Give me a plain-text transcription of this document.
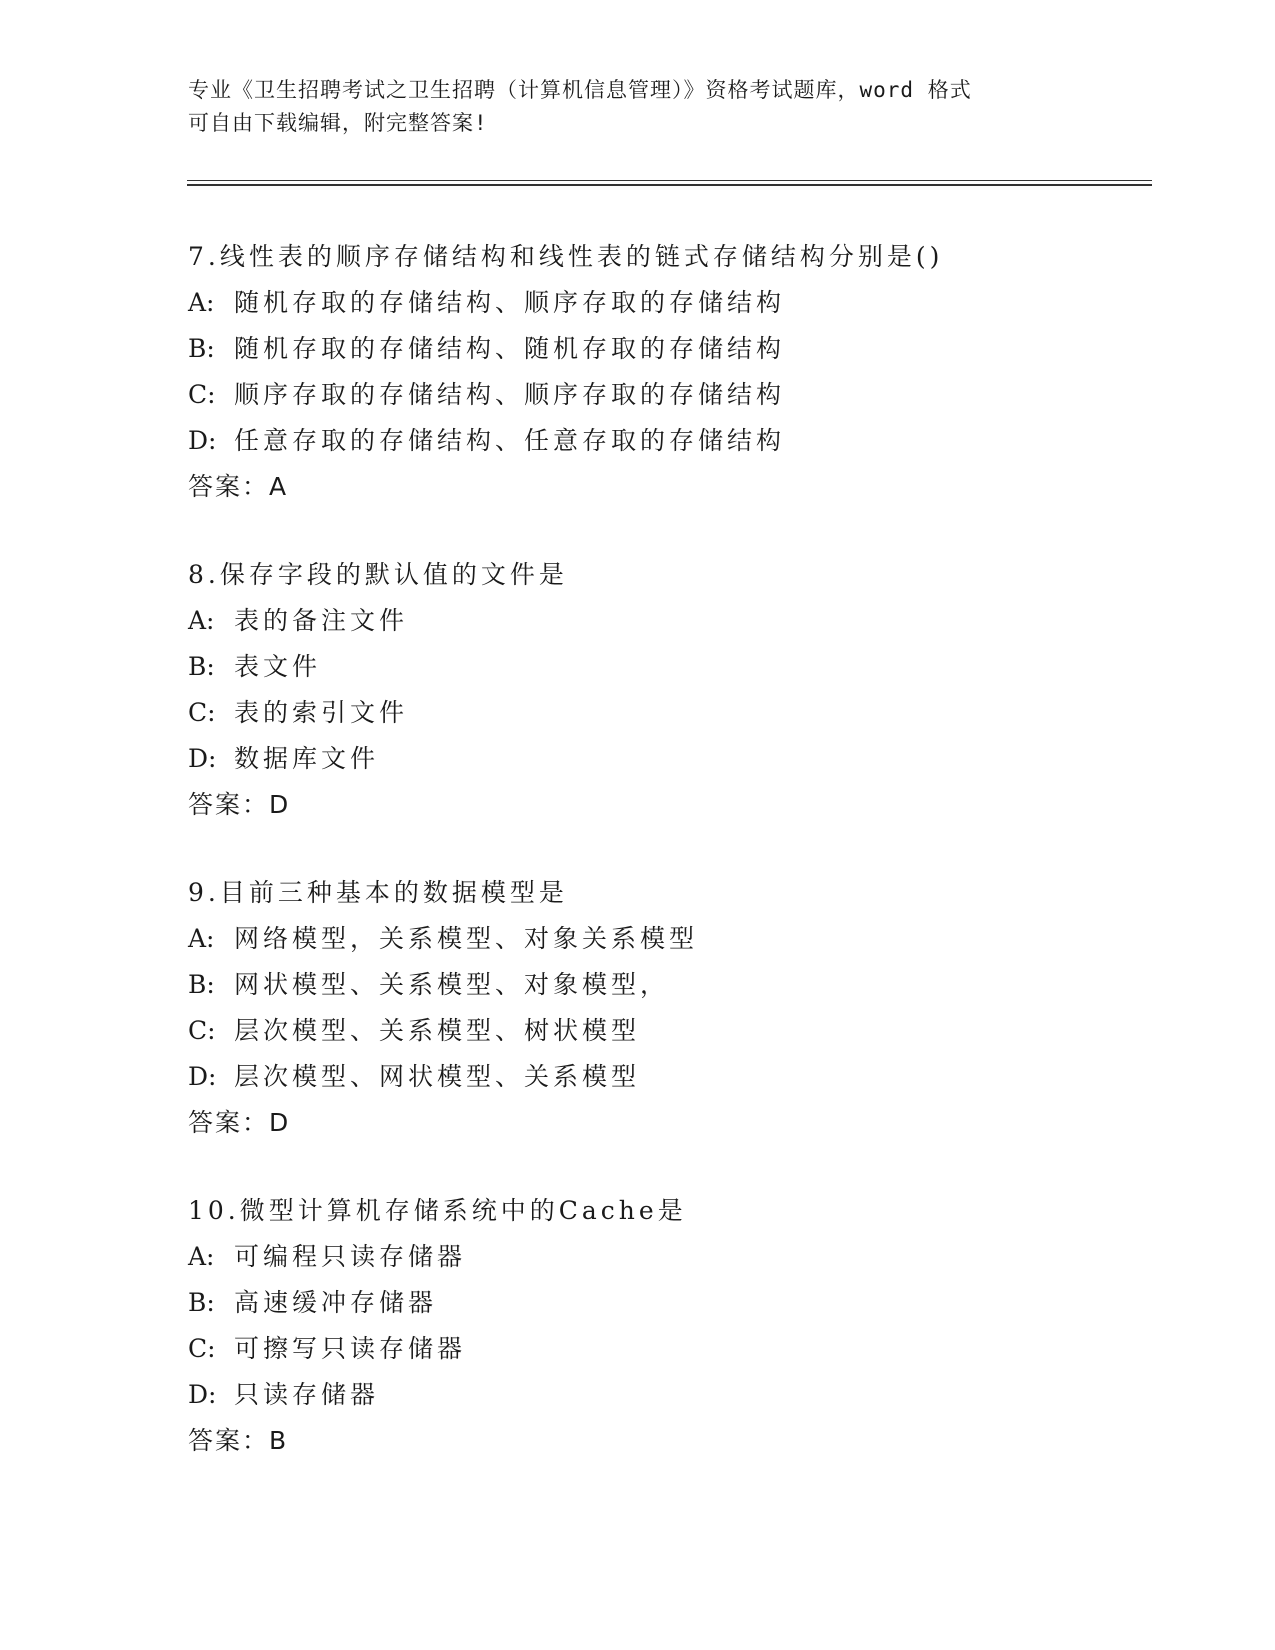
专业《卫生招聘考试之卫生招聘（计算机信息管理）》资格考试题库，word 格式
可自由下载编辑，附完整答案!
7.线性表的顺序存储结构和线性表的链式存储结构分别是()
A: 随机存取的存储结构、顺序存取的存储结构
B: 随机存取的存储结构、随机存取的存储结构
C: 顺序存取的存储结构、顺序存取的存储结构
D: 任意存取的存储结构、任意存取的存储结构
答案：A
8.保存字段的默认值的文件是
A: 表的备注文件
B: 表文件
C: 表的索引文件
D: 数据库文件
答案：D
9.目前三种基本的数据模型是
A: 网络模型，关系模型、对象关系模型
B: 网状模型、关系模型、对象模型，
C: 层次模型、关系模型、树状模型
D: 层次模型、网状模型、关系模型
答案：D
10.微型计算机存储系统中的Cache是
A: 可编程只读存储器
B: 高速缓冲存储器
C: 可擦写只读存储器
D: 只读存储器
答案：B
